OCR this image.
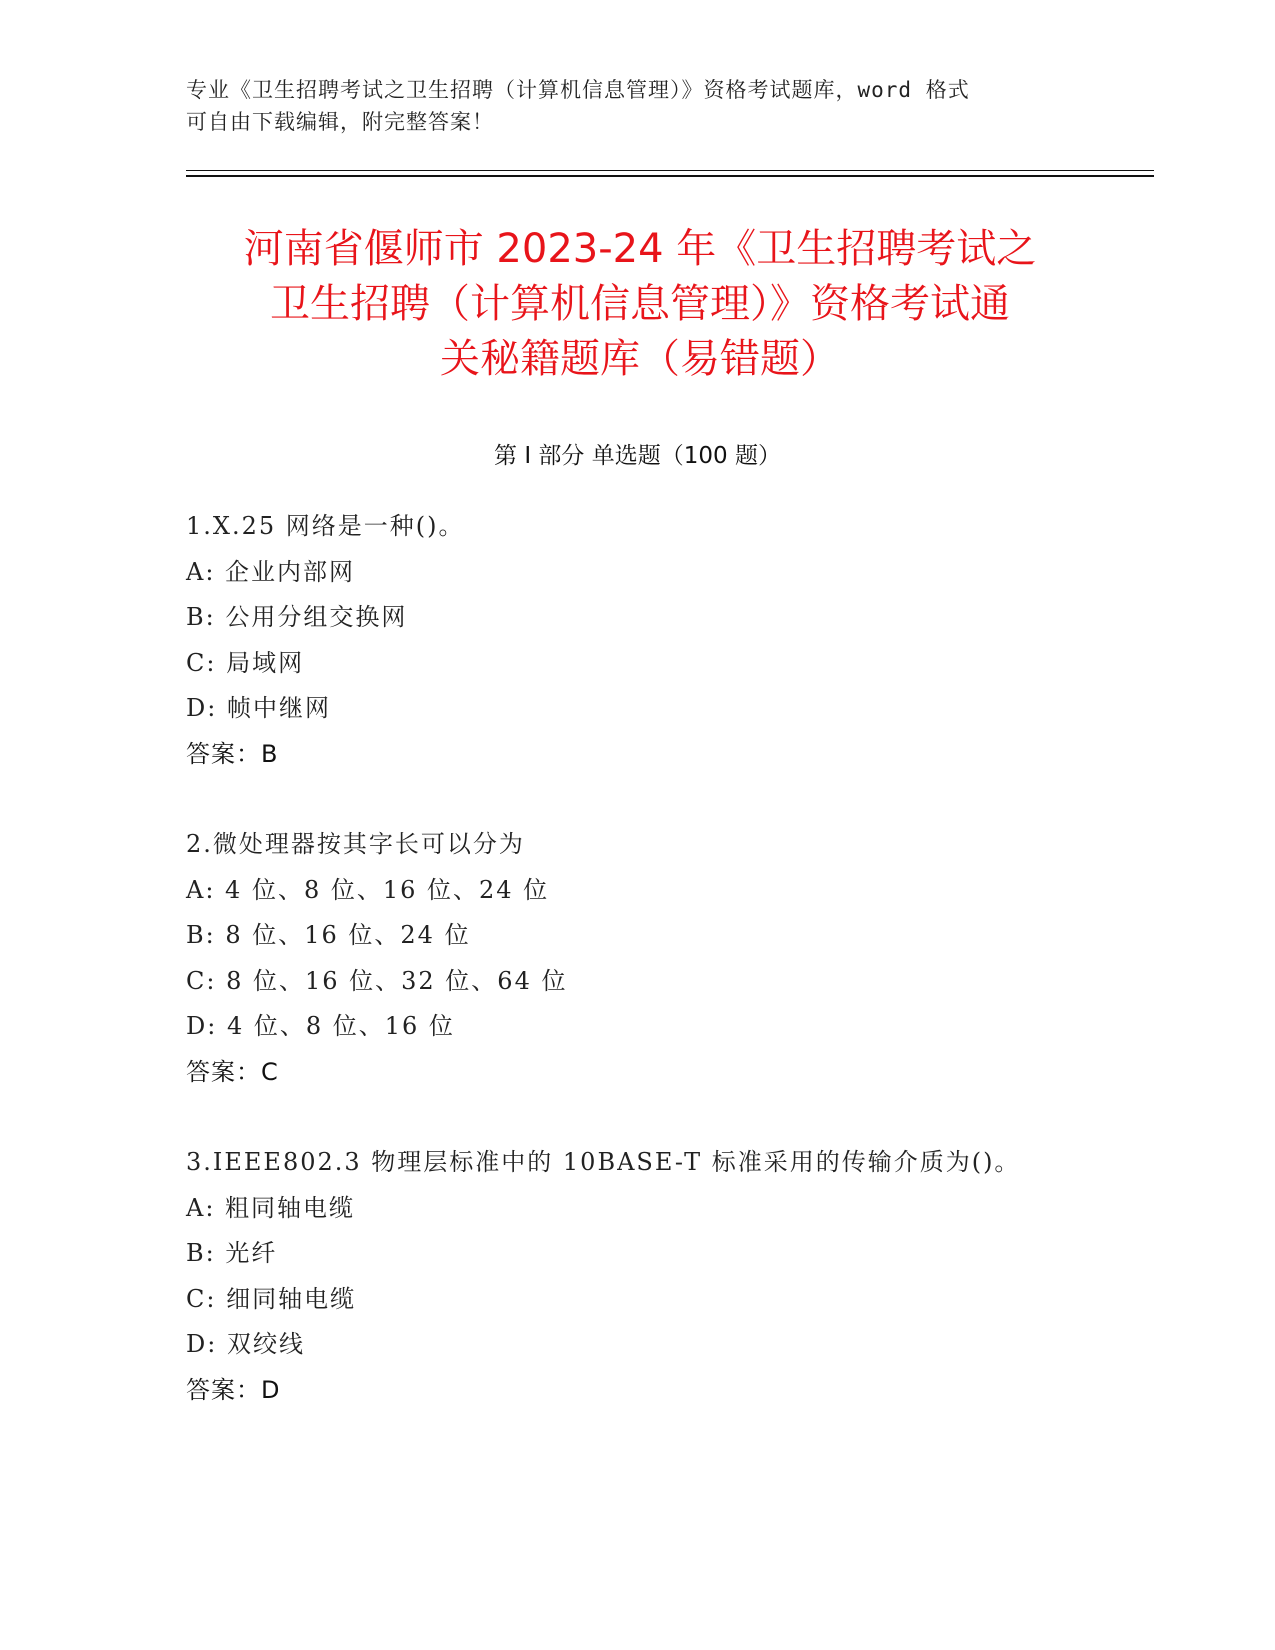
专业《卫生招聘考试之卫生招聘（计算机信息管理）》资格考试题库，word 格式
可自由下载编辑，附完整答案！
河南省偃师市 2023-24 年《卫生招聘考试之
卫生招聘（计算机信息管理）》资格考试通
关秘籍题库（易错题）
第 I 部分 单选题（100 题）
1.X.25 网络是一种()。
A: 企业内部网
B: 公用分组交换网
C: 局域网
D: 帧中继网
答案：B
2.微处理器按其字长可以分为
A: 4 位、8 位、16 位、24 位
B: 8 位、16 位、24 位
C: 8 位、16 位、32 位、64 位
D: 4 位、8 位、16 位
答案：C
3.IEEE802.3 物理层标准中的 10BASE-T 标准采用的传输介质为()。
A: 粗同轴电缆
B: 光纤
C: 细同轴电缆
D: 双绞线
答案：D
